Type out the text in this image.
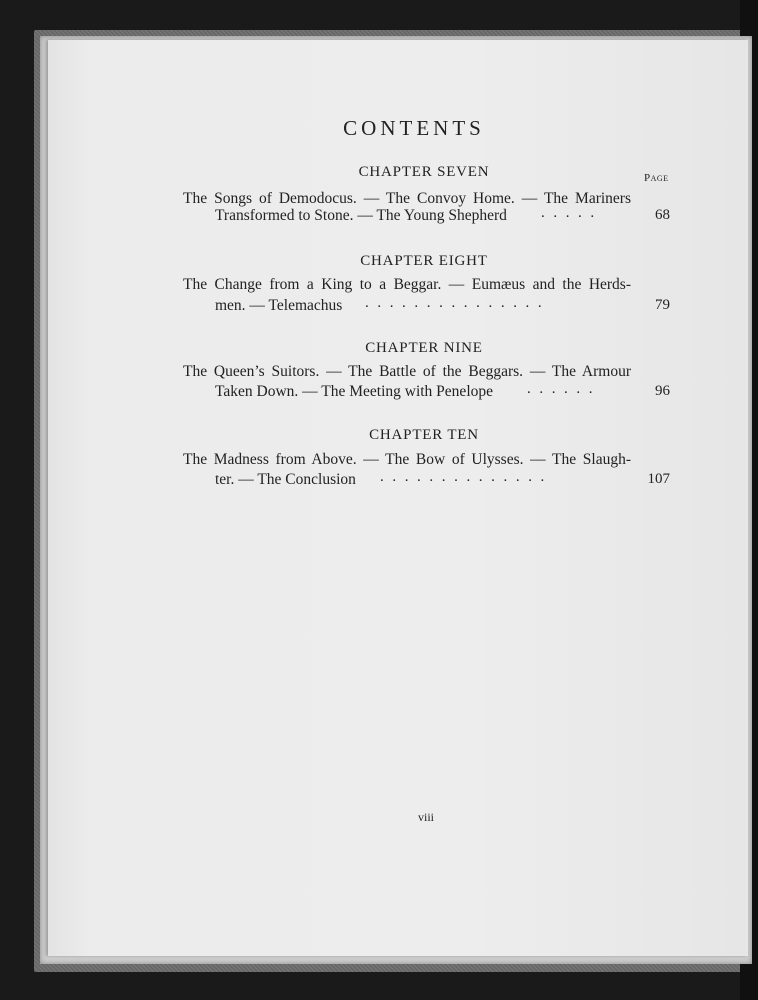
CONTENTS
Page
CHAPTER SEVEN
The Songs of Demodocus. — The Convoy Home. — The Mariners
Transformed to Stone. — The Young Shepherd .....	68
CHAPTER EIGHT
The Change from a King to a Beggar. — Eumæus and the Herds-
men. — Telemachus ...............	79
CHAPTER NINE
The Queen’s Suitors. — The Battle of the Beggars. — The Armour
Taken Down. — The Meeting with Penelope ......	96
CHAPTER TEN
The Madness from Above. — The Bow of Ulysses. — The Slaugh-
ter. — The Conclusion ..............	107
viii
